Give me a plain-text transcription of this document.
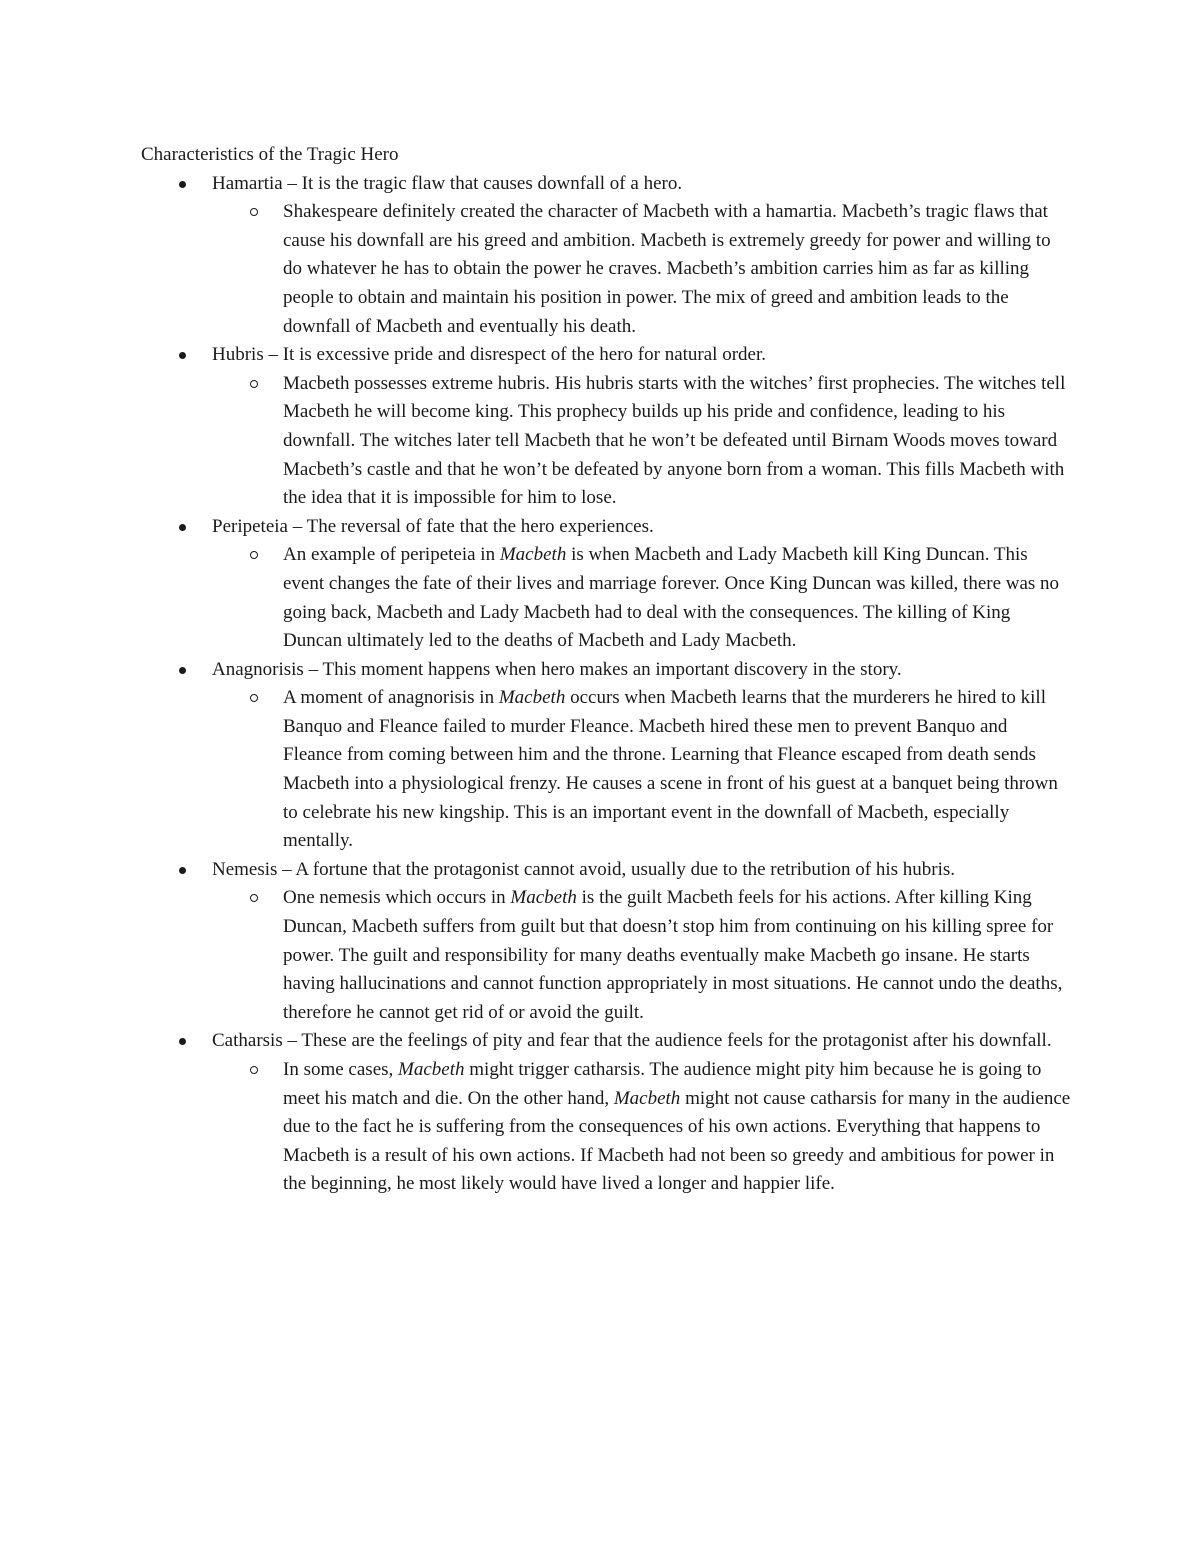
Characteristics of the Tragic Hero

Hamartia – It is the tragic flaw that causes downfall of a hero.

Shakespeare definitely created the character of Macbeth with a hamartia. Macbeth’s tragic flaws that cause his downfall are his greed and ambition. Macbeth is extremely greedy for power and willing to do whatever he has to obtain the power he craves. Macbeth’s ambition carries him as far as killing people to obtain and maintain his position in power. The mix of greed and ambition leads to the downfall of Macbeth and eventually his death.

Hubris – It is excessive pride and disrespect of the hero for natural order.

Macbeth possesses extreme hubris. His hubris starts with the witches’ first prophecies. The witches tell Macbeth he will become king. This prophecy builds up his pride and confidence, leading to his downfall. The witches later tell Macbeth that he won’t be defeated until Birnam Woods moves toward Macbeth’s castle and that he won’t be defeated by anyone born from a woman. This fills Macbeth with the idea that it is impossible for him to lose.

Peripeteia – The reversal of fate that the hero experiences.

An example of peripeteia in Macbeth is when Macbeth and Lady Macbeth kill King Duncan. This event changes the fate of their lives and marriage forever. Once King Duncan was killed, there was no going back, Macbeth and Lady Macbeth had to deal with the consequences. The killing of King Duncan ultimately led to the deaths of Macbeth and Lady Macbeth.

Anagnorisis – This moment happens when hero makes an important discovery in the story.

A moment of anagnorisis in Macbeth occurs when Macbeth learns that the murderers he hired to kill Banquo and Fleance failed to murder Fleance. Macbeth hired these men to prevent Banquo and Fleance from coming between him and the throne. Learning that Fleance escaped from death sends Macbeth into a physiological frenzy. He causes a scene in front of his guest at a banquet being thrown to celebrate his new kingship. This is an important event in the downfall of Macbeth, especially mentally.

Nemesis – A fortune that the protagonist cannot avoid, usually due to the retribution of his hubris.

One nemesis which occurs in Macbeth is the guilt Macbeth feels for his actions. After killing King Duncan, Macbeth suffers from guilt but that doesn’t stop him from continuing on his killing spree for power. The guilt and responsibility for many deaths eventually make Macbeth go insane. He starts having hallucinations and cannot function appropriately in most situations. He cannot undo the deaths, therefore he cannot get rid of or avoid the guilt.

Catharsis – These are the feelings of pity and fear that the audience feels for the protagonist after his downfall.

In some cases, Macbeth might trigger catharsis. The audience might pity him because he is going to meet his match and die. On the other hand, Macbeth might not cause catharsis for many in the audience due to the fact he is suffering from the consequences of his own actions. Everything that happens to Macbeth is a result of his own actions. If Macbeth had not been so greedy and ambitious for power in the beginning, he most likely would have lived a longer and happier life.
